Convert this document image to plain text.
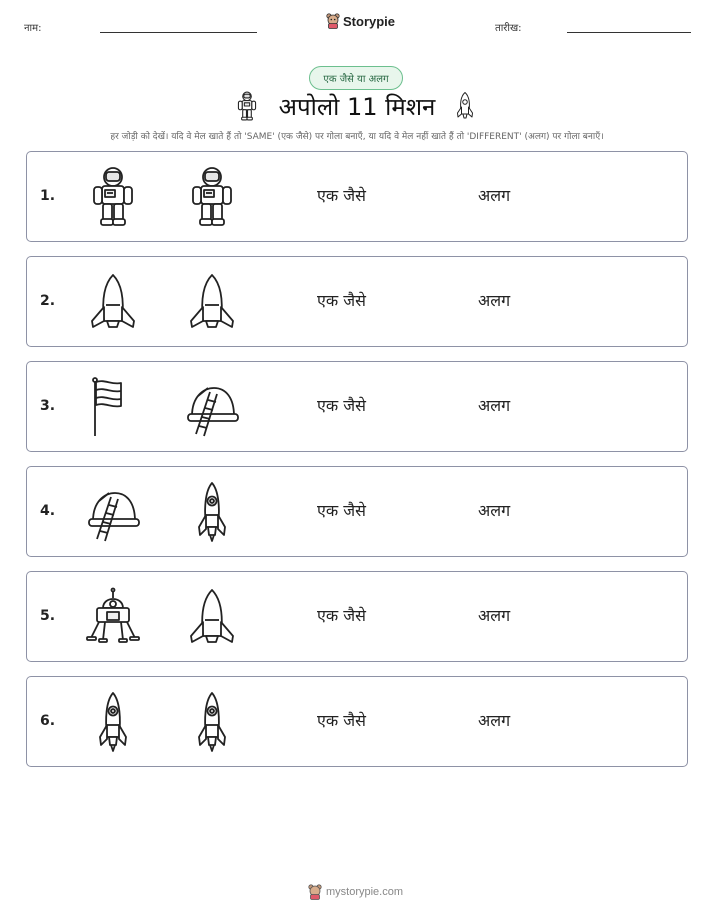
नाम:	Storypie	तारीख:
एक जैसे या अलग
अपोलो 11 मिशन
हर जोड़ी को देखें। यदि वे मेल खाते हैं तो 'SAME' (एक जैसे) पर गोला बनाएँ, या यदि वे मेल नहीं खाते हैं तो 'DIFFERENT' (अलग) पर गोला बनाएँ।
1.	एक जैसे	अलग
2.	एक जैसे	अलग
3.	एक जैसे	अलग
4.	एक जैसे	अलग
5.	एक जैसे	अलग
6.	एक जैसे	अलग
mystorypie.com
